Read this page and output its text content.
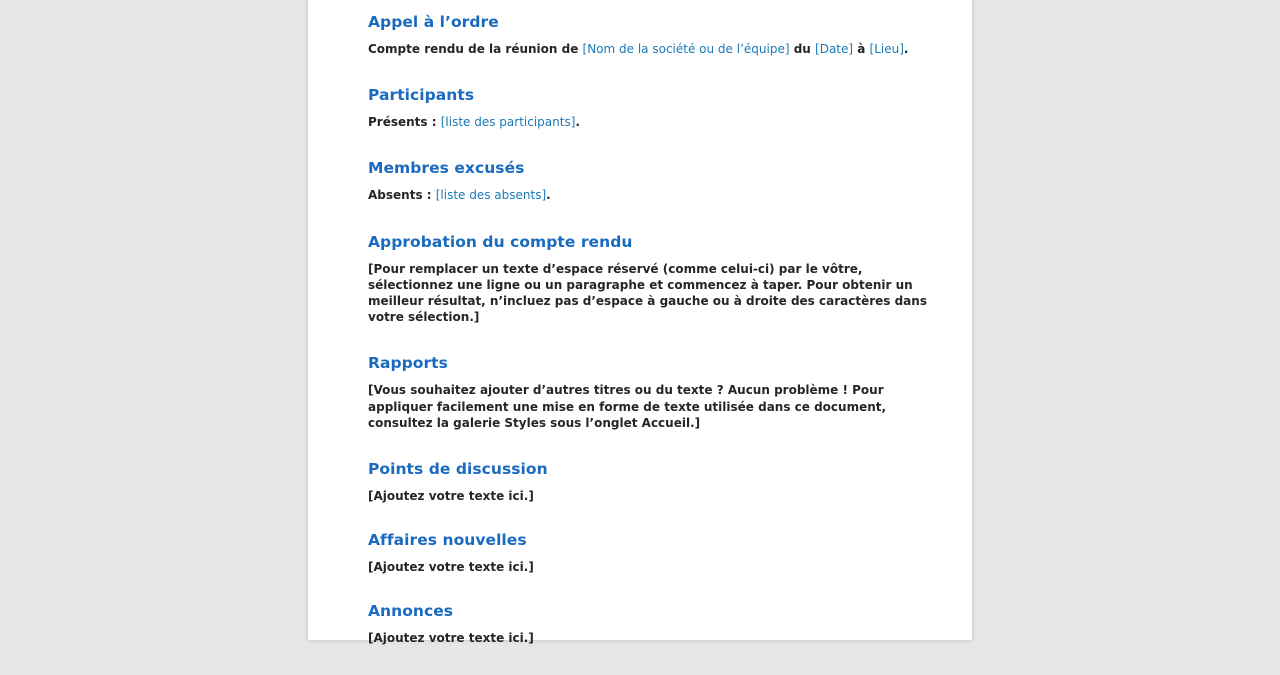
Appel à l’ordre

Compte rendu de la réunion de [Nom de la société ou de l’équipe] du [Date] à [Lieu].

Participants

Présents : [liste des participants].

Membres excusés

Absents : [liste des absents].

Approbation du compte rendu

[Pour remplacer un texte d’espace réservé (comme celui-ci) par le vôtre, sélectionnez une ligne ou un paragraphe et commencez à taper. Pour obtenir un meilleur résultat, n’incluez pas d’espace à gauche ou à droite des caractères dans votre sélection.]

Rapports

[Vous souhaitez ajouter d’autres titres ou du texte ? Aucun problème ! Pour appliquer facilement une mise en forme de texte utilisée dans ce document, consultez la galerie Styles sous l’onglet Accueil.]

Points de discussion

[Ajoutez votre texte ici.]

Affaires nouvelles

[Ajoutez votre texte ici.]

Annonces

[Ajoutez votre texte ici.]
